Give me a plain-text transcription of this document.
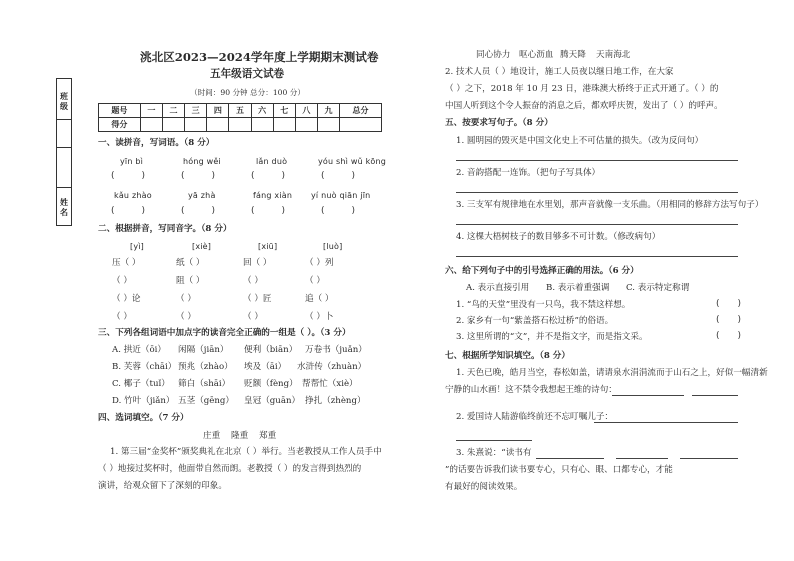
班级
姓名
洮北区2023—2024学年度上学期期末测试卷
五年级语文试卷
（时间：90 分钟 总分：100 分）
题号	一	二	三	四	五	六	七	八	九	总分
得分										
一、读拼音，写词语。（8 分）
yīn bì	hóng wěi	lǎn duò	yóu shì wǔ kōng
(　　　)	(　　　)	(　　　)	(　　　)
kǎu zhào	yā zhà	fáng xiàn yí nuò qiān jīn
(　　　)	(　　　)	(　　　)	(　　　)
二、根据拼音，写同音字。（8 分）
[yì]	[xiè]	[xiū]	[luò]
压（ ）	纸（ ）	回（ ）	（ ）列
（ ）	阻（ ）	（ ）	（ ）
（ ）论	（ ）	（ ）匠	追（ ）
（ ）	（ ）	（ ）	（ ）卜
三、下列各组词语中加点字的读音完全正确的一组是（ ）。（3 分）
A. 拱近（ōi） 闲隔（jiān） 便利（biān） 万卷书（juǎn）
B. 芙蓉（chāi） 预兆（zhào） 埃及（āi） 水浒传（zhuàn）
C. 椰子（tuǐ） 筛白（shāi） 贬额（fèng） 帮帮忙（xiè）
D. 竹叶（jiǎn） 五茎（gēng） 皇冠（guān） 挣扎（zhèng）
四、选词填空。（7 分）
庄重 隆重 郑重
1. 第三届“金奖杯”颁奖典礼在北京（ ）举行。当老教授从工作人员手中
（ ）地接过奖杯时，他面带自然而朗。老教授（ ）的发言得到热烈的
演讲，给观众留下了深刻的印象。
同心协力 呕心沥血 腾天降 天南海北
2. 技术人员（ ）地设计，施工人员夜以继日地工作，在大家
（ ）之下，2018 年 10 月 23 日，港珠澳大桥终于正式开通了。（ ）的
中国人听到这个令人振奋的消息之后，都欢呼庆贺，发出了（ ）的呼声。
五、按要求写句子。（8 分）
1. 圆明园的毁灭是中国文化史上不可估量的损失。（改为反问句）
2. 音韵搭配一连饰。（把句子写具体）
3. 三支军有规律地在水里划，那声音就像一支乐曲。（用相同的修辞方法写句子）
4. 这棵大梧树枝子的数目够多不可计数。（修改病句）
六、给下列句子中的引号选择正确的用法。（6 分）
A. 表示直接引用 B. 表示着重强调 C. 表示特定称谓
1. “鸟的天堂”里没有一只鸟，我不禁这样想。	(　　)
2. 家乡有一句“紫盖搭石松过桥”的俗语。	(　　)
3. 这里所谓的“文”，并不是指文字，而是指文采。	(　　)
七、根据所学知识填空。（8 分）
1. 天色已晚，皓月当空，春松如盖，请请泉水涓涓流而于山石之上，好似一幅清新
宁静的山水画！这不禁令我想起王维的诗句：
2. 爱国诗人陆游临终前还不忘叮嘱儿子：
3. 朱熹说：“读书有
”的话要告诉我们读书要专心，只有心、眼、口都专心，才能
有最好的阅读效果。
